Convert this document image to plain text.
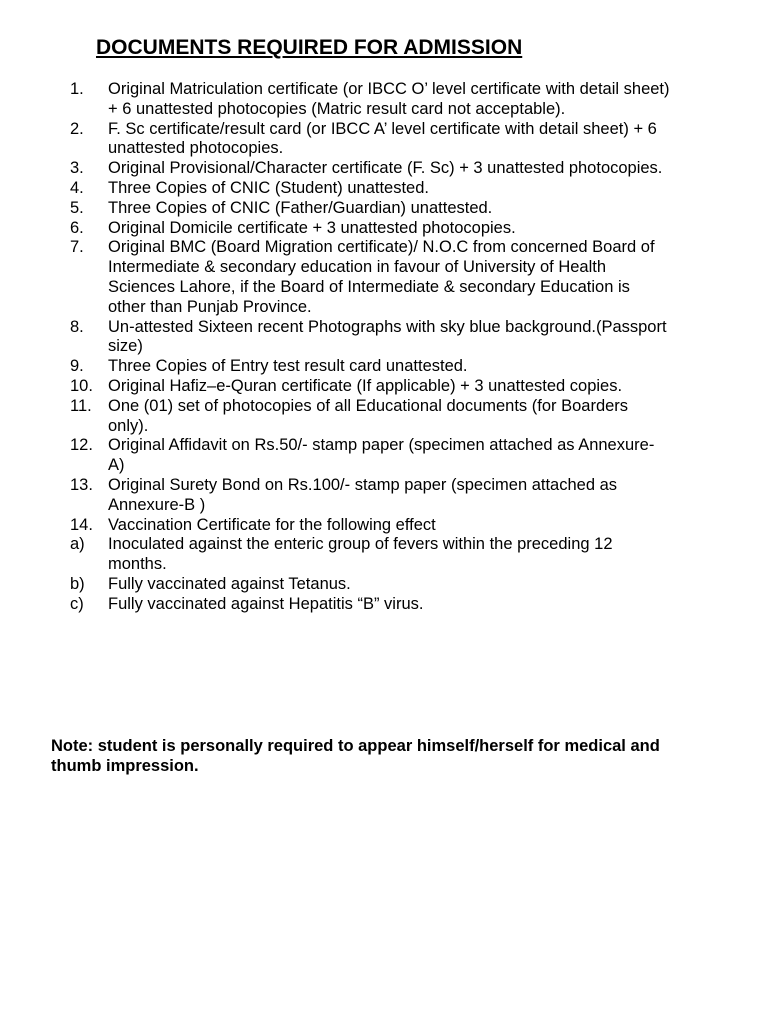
DOCUMENTS REQUIRED FOR ADMISSION
1.	Original Matriculation certificate (or IBCC O’ level certificate with detail sheet) + 6 unattested photocopies (Matric result card not acceptable).
2.	F. Sc certificate/result card (or IBCC A’ level certificate with detail sheet) + 6 unattested photocopies.
3.	Original Provisional/Character certificate (F. Sc) + 3 unattested photocopies.
4.	Three Copies of CNIC (Student) unattested.
5.	Three Copies of CNIC (Father/Guardian) unattested.
6.	Original Domicile certificate + 3 unattested photocopies.
7.	Original BMC (Board Migration certificate)/ N.O.C from concerned Board of Intermediate & secondary education in favour of University of Health Sciences Lahore, if the Board of Intermediate & secondary Education is other than Punjab Province.
8.	Un-attested Sixteen recent Photographs with sky blue background.(Passport size)
9.	Three Copies of Entry test result card unattested.
10. Original Hafiz–e-Quran certificate (If applicable) + 3 unattested copies.
11. One (01) set of photocopies of all Educational documents (for Boarders only).
12. Original Affidavit on Rs.50/- stamp paper (specimen attached as Annexure-A)
13. Original Surety Bond on Rs.100/- stamp paper (specimen attached as Annexure-B )
14. Vaccination Certificate for the following effect
a)	Inoculated against the enteric group of fevers within the preceding 12 months.
b)	Fully vaccinated against Tetanus.
c)	Fully vaccinated against Hepatitis “B” virus.

Note: student is personally required to appear himself/herself for medical and thumb impression.
